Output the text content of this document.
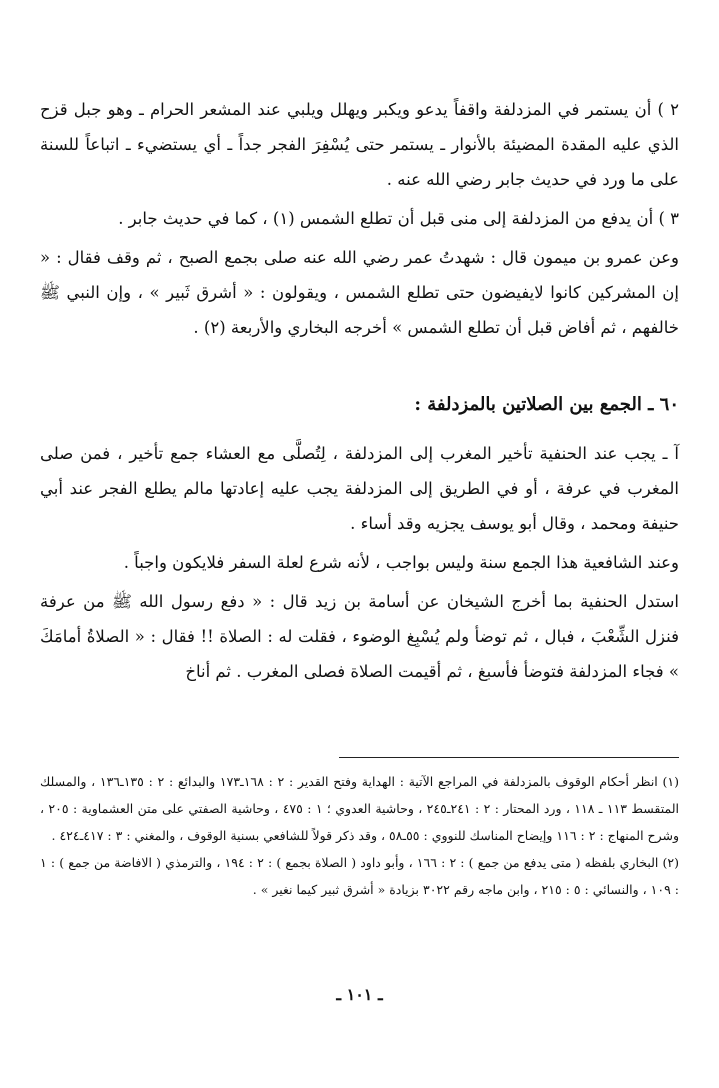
٢ ) أن يستمر في المزدلفة واقفاً يدعو ويكبر ويهلل ويلبي عند المشعر الحرام ـ وهو جبل قزح الذي عليه المقدة المضيئة بالأنوار ـ يستمر حتى يُسْفِرَ الفجر جداً ـ أي يستضيء ـ اتباعاً للسنة على ما ورد في حديث جابر رضي الله عنه .

٣ ) أن يدفع من المزدلفة إلى منى قبل أن تطلع الشمس (١) ، كما في حديث جابر .

وعن عمرو بن ميمون قال : شهدتُ عمر رضي الله عنه صلى بجمع الصبح ، ثم وقف فقال : « إن المشركين كانوا لايفيضون حتى تطلع الشمس ، ويقولون : « أشرق ثَبير » ، وإن النبي ﷺ خالفهم ، ثم أفاض قبل أن تطلع الشمس » أخرجه البخاري والأربعة (٢) .

٦٠ ـ الجمع بين الصلاتين بالمزدلفة :

آ ـ يجب عند الحنفية تأخير المغرب إلى المزدلفة ، لِتُصلَّى مع العشاء جمع تأخير ، فمن صلى المغرب في عرفة ، أو في الطريق إلى المزدلفة يجب عليه إعادتها مالم يطلع الفجر عند أبي حنيفة ومحمد ، وقال أبو يوسف يجزيه وقد أساء .

وعند الشافعية هذا الجمع سنة وليس بواجب ، لأنه شرع لعلة السفر فلايكون واجباً .

استدل الحنفية بما أخرج الشيخان عن أسامة بن زيد قال : « دفع رسول الله ﷺ من عرفة فنزل الشِّعْبَ ، فبال ، ثم توضأ ولم يُسْبِغ الوضوء ، فقلت له : الصلاة !! فقال : « الصلاةُ أمامَكَ » فجاء المزدلفة فتوضأ فأسبغ ، ثم أقيمت الصلاة فصلى المغرب . ثم أناخ

(١) انظر أحكام الوقوف بالمزدلفة في المراجع الآتية : الهداية وفتح القدير : ٢ : ١٦٨ـ١٧٣ والبدائع : ٢ : ١٣٥ـ١٣٦ ، والمسلك المتقسط ١١٣ ـ ١١٨ ، ورد المحتار : ٢ : ٢٤١ـ٢٤٥ ، وحاشية العدوي ؛ ١ : ٤٧٥ ، وحاشية الصفتي على متن العشماوية : ٢٠٥ ، وشرح المنهاج : ٢ : ١١٦ وإيضاح المناسك للنووي : ٥٥ـ٥٨ ، وقد ذكر قولاً للشافعي بسنية الوقوف ، والمغني : ٣ : ٤١٧ـ٤٢٤ .

(٢) البخاري بلفظه ( متى يدفع من جمع ) : ٢ : ١٦٦ ، وأبو داود ( الصلاة بجمع ) : ٢ : ١٩٤ ، والترمذي ( الافاضة من جمع ) : ١ : ١٠٩ ، والنسائي : ٥ : ٢١٥ ، وابن ماجه رقم ٣٠٢٢ بزيادة « أشرق ثبير كيما نغير » .

ـ ١٠١ ـ
